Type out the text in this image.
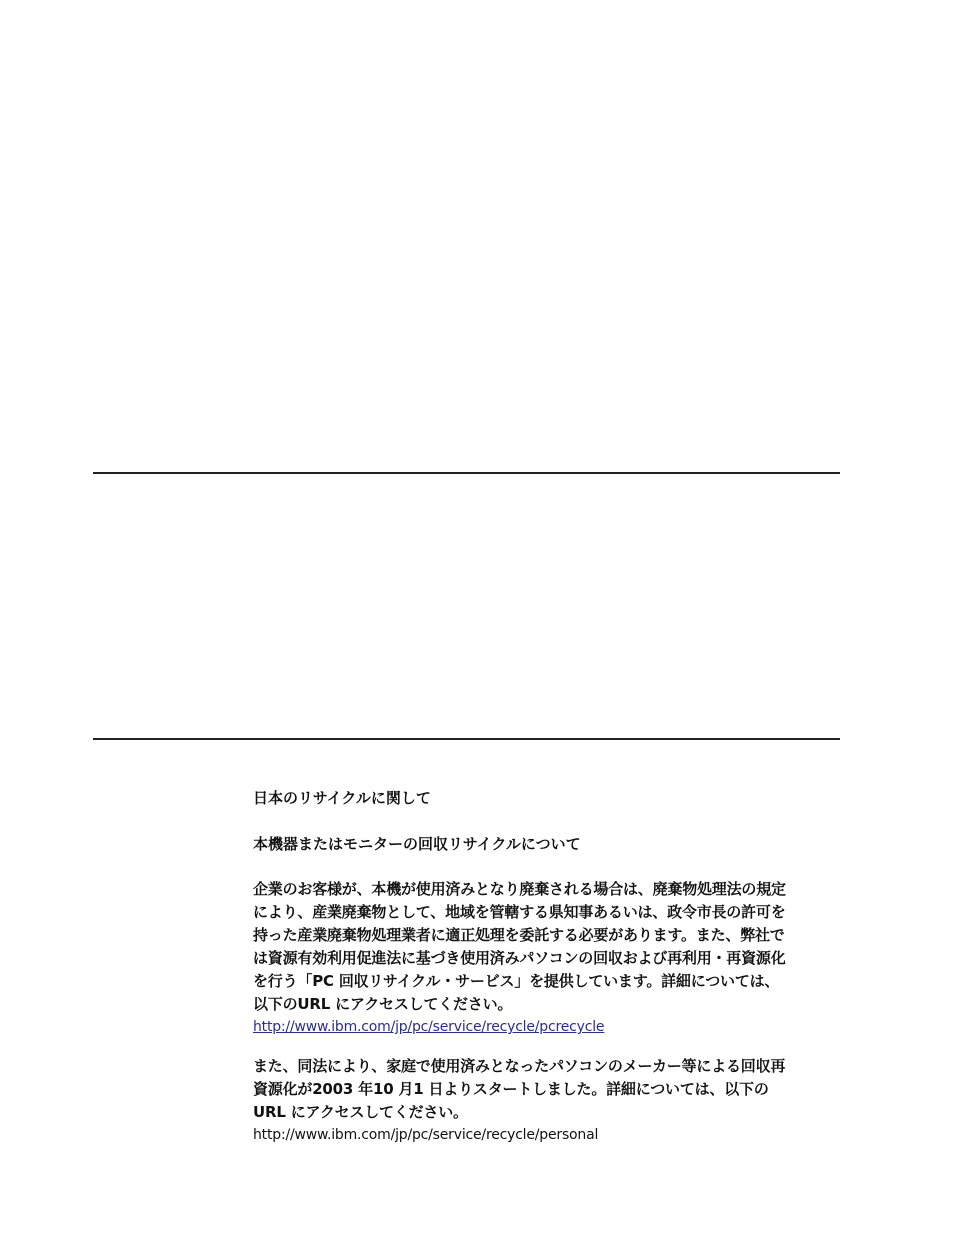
日本のリサイクルに関して
本機器またはモニターの回収リサイクルについて
企業のお客様が、本機が使用済みとなり廃棄される場合は、廃棄物処理法の規定
により、産業廃棄物として、地域を管轄する県知事あるいは、政令市長の許可を
持った産業廃棄物処理業者に適正処理を委託する必要があります。また、弊社で
は資源有効利用促進法に基づき使用済みパソコンの回収および再利用・再資源化
を行う「PC 回収リサイクル・サービス」を提供しています。詳細については、
以下のURL にアクセスしてください。
http://www.ibm.com/jp/pc/service/recycle/pcrecycle
また、同法により、家庭で使用済みとなったパソコンのメーカー等による回収再
資源化が2003 年10 月1 日よりスタートしました。詳細については、以下の
URL にアクセスしてください。
http://www.ibm.com/jp/pc/service/recycle/personal
